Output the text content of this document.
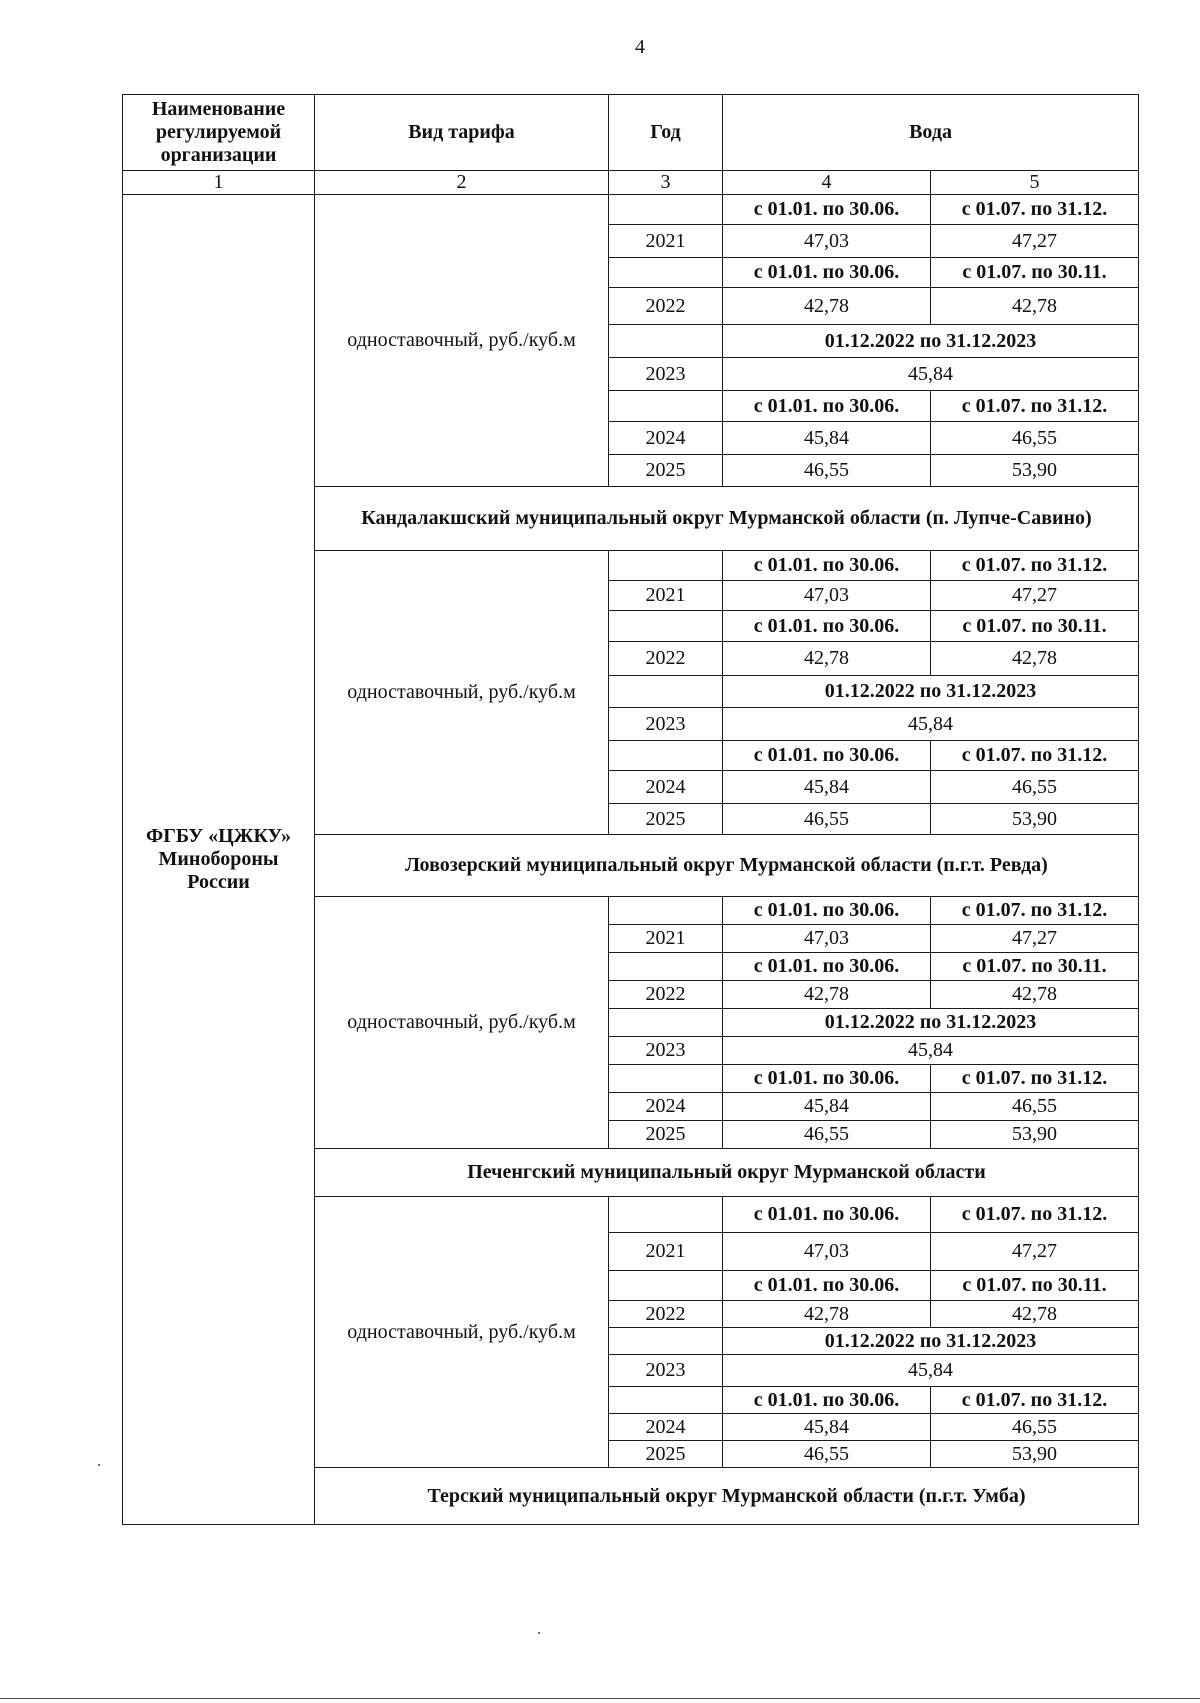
4
Наименование регулируемой организации	Вид тарифа	Год	Вода	
1	2	3	4	5
ФГБУ «ЦЖКУ» Минобороны России	одноставочный, руб./куб.м		с 01.01. по 30.06.	с 01.07. по 31.12.
		2021	47,03	47,27
			с 01.01. по 30.06.	с 01.07. по 30.11.
		2022	42,78	42,78
			01.12.2022 по 31.12.2023	
		2023	45,84	
			с 01.01. по 30.06.	с 01.07. по 31.12.
		2024	45,84	46,55
		2025	46,55	53,90
	Кандалакшский муниципальный округ Мурманской области (п. Лупче-Савино)			
	одноставочный, руб./куб.м		с 01.01. по 30.06.	с 01.07. по 31.12.
		2021	47,03	47,27
			с 01.01. по 30.06.	с 01.07. по 30.11.
		2022	42,78	42,78
			01.12.2022 по 31.12.2023	
		2023	45,84	
			с 01.01. по 30.06.	с 01.07. по 31.12.
		2024	45,84	46,55
		2025	46,55	53,90
	Ловозерский муниципальный округ Мурманской области (п.г.т. Ревда)			
	одноставочный, руб./куб.м		с 01.01. по 30.06.	с 01.07. по 31.12.
		2021	47,03	47,27
			с 01.01. по 30.06.	с 01.07. по 30.11.
		2022	42,78	42,78
			01.12.2022 по 31.12.2023	
		2023	45,84	
			с 01.01. по 30.06.	с 01.07. по 31.12.
		2024	45,84	46,55
		2025	46,55	53,90
	Печенгский муниципальный округ Мурманской области			
	одноставочный, руб./куб.м		с 01.01. по 30.06.	с 01.07. по 31.12.
		2021	47,03	47,27
			с 01.01. по 30.06.	с 01.07. по 30.11.
		2022	42,78	42,78
			01.12.2022 по 31.12.2023	
		2023	45,84	
			с 01.01. по 30.06.	с 01.07. по 31.12.
		2024	45,84	46,55
		2025	46,55	53,90
	Терский муниципальный округ Мурманской области (п.г.т. Умба)			
